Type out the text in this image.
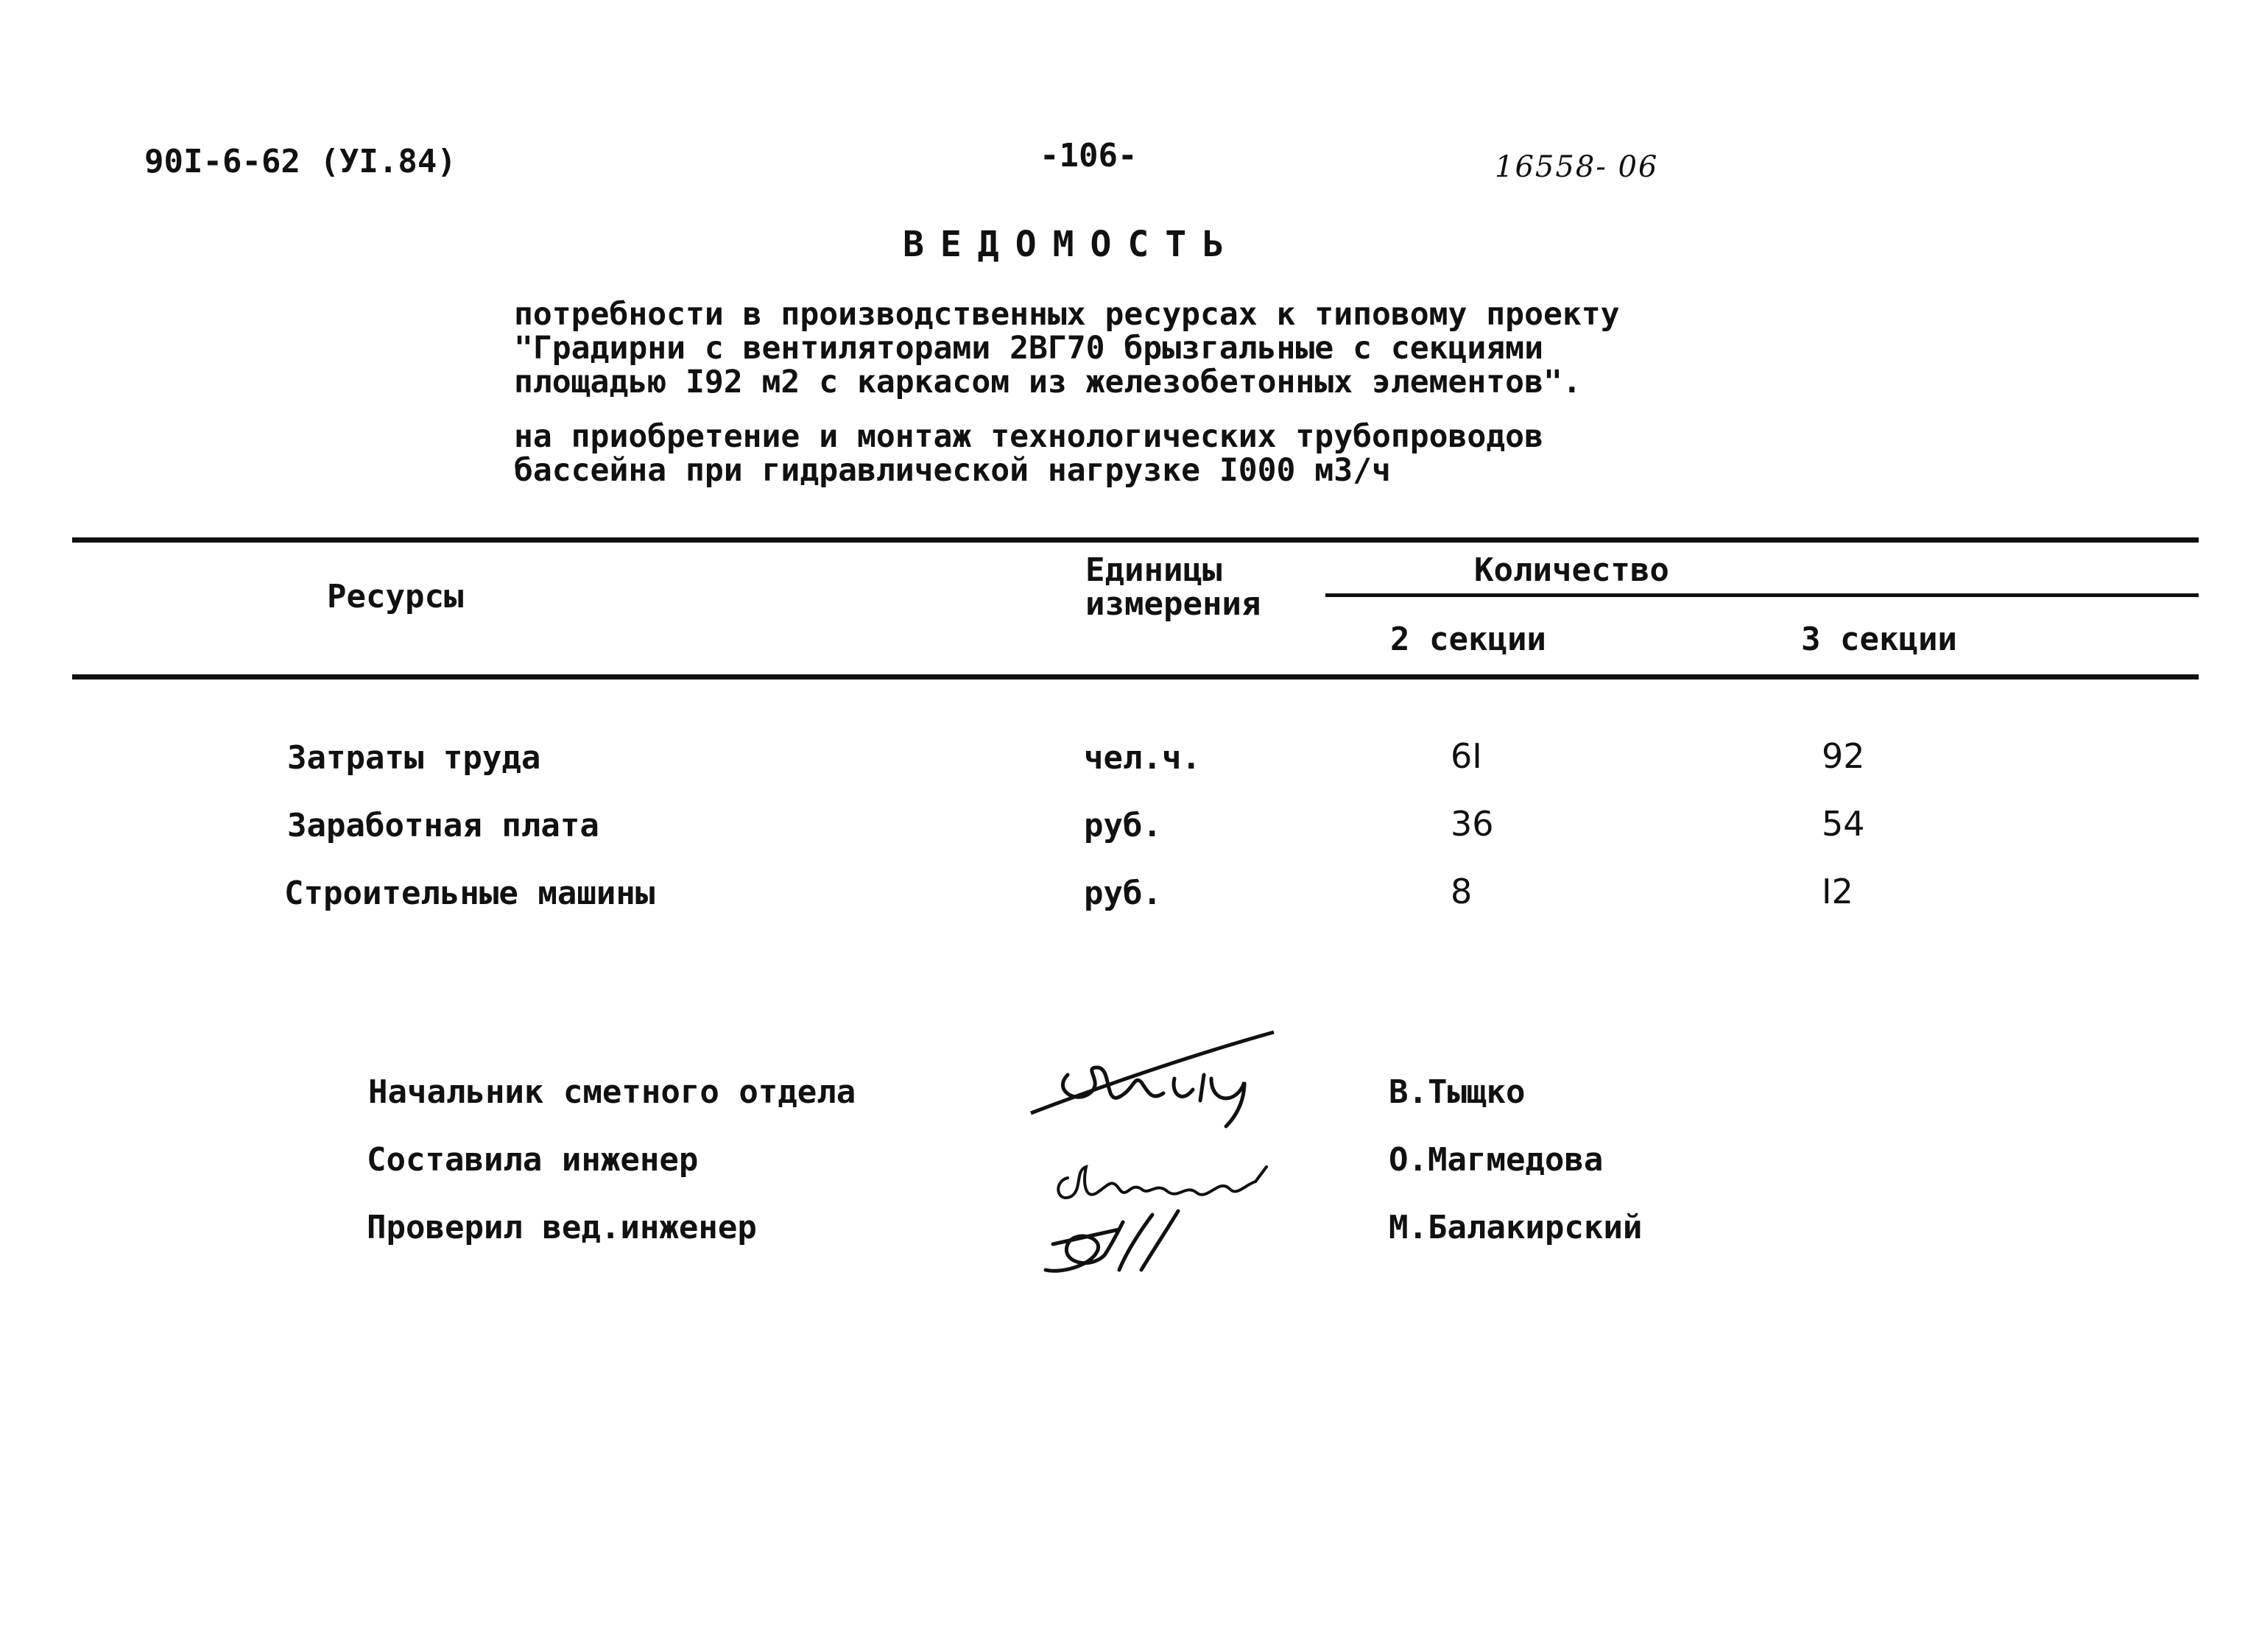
90I-6-62 (УI.84)	-106-	16558- 06
ВЕДОМОСТЬ
потребности в производственных ресурсах к типовому проекту
"Градирни с вентиляторами 2ВГ70 брызгальные с секциями
площадью I92 м2 с каркасом из железобетонных элементов".
на приобретение и монтаж технологических трубопроводов
бассейна при гидравлической нагрузке I000 м3/ч
Ресурсы
Единицы
измерения
Количество
2 секции	3 секции
Затраты труда	чел.ч.	6I	92
Заработная плата	руб.	36	54
Строительные машины	руб.	8	I2
Начальник сметного отдела	В.Тыщко
Составила инженер	О.Магмедова
Проверил вед.инженер	М.Балакирский
